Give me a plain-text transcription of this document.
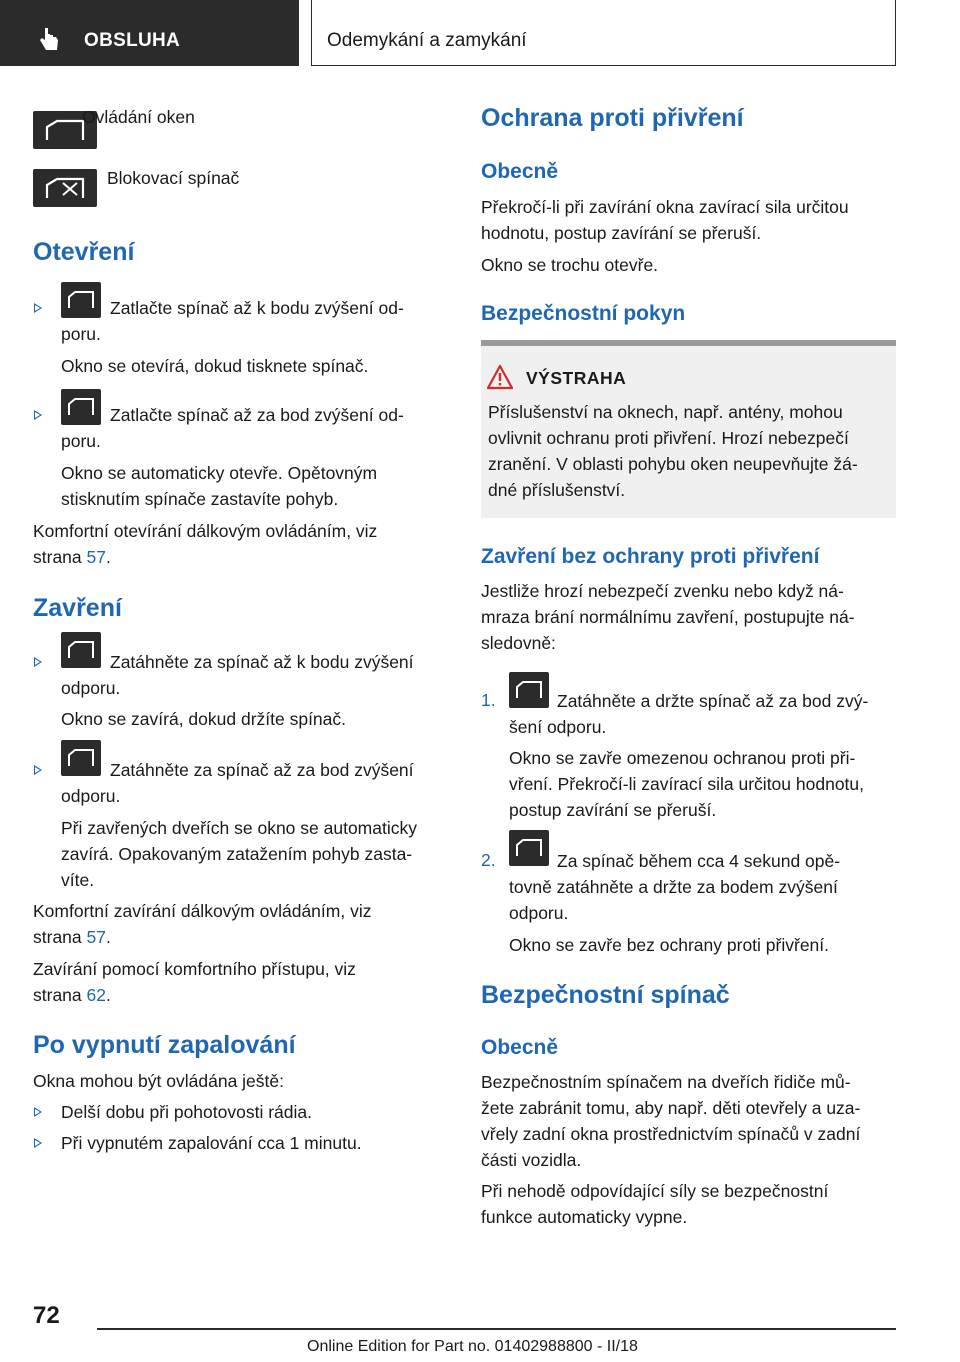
OBSLUHA	Odemykání a zamykání
Ovládání oken
Blokovací spínač
Otevření
Zatlačte spínač až k bodu zvýšení od-
poru.
Okno se otevírá, dokud tisknete spínač.
Zatlačte spínač až za bod zvýšení od-
poru.
Okno se automaticky otevře. Opětovným
stisknutím spínače zastavíte pohyb.
Komfortní otevírání dálkovým ovládáním, viz
strana 57.
Zavření
Zatáhněte za spínač až k bodu zvýšení
odporu.
Okno se zavírá, dokud držíte spínač.
Zatáhněte za spínač až za bod zvýšení
odporu.
Při zavřených dveřích se okno se automaticky
zavírá. Opakovaným zatažením pohyb zasta-
víte.
Komfortní zavírání dálkovým ovládáním, viz
strana 57.
Zavírání pomocí komfortního přístupu, viz
strana 62.
Po vypnutí zapalování
Okna mohou být ovládána ještě:
Delší dobu při pohotovosti rádia.
Při vypnutém zapalování cca 1 minutu.
Ochrana proti přivření
Obecně
Překročí-li při zavírání okna zavírací sila určitou
hodnotu, postup zavírání se přeruší.
Okno se trochu otevře.
Bezpečnostní pokyn
VÝSTRAHA
Příslušenství na oknech, např. antény, mohou
ovlivnit ochranu proti přivření. Hrozí nebezpečí
zranění. V oblasti pohybu oken neupevňujte žá-
dné příslušenství.
Zavření bez ochrany proti přivření
Jestliže hrozí nebezpečí zvenku nebo když ná-
mraza brání normálnímu zavření, postupujte ná-
sledovně:
1.	Zatáhněte a držte spínač až za bod zvý-
šení odporu.
Okno se zavře omezenou ochranou proti při-
vření. Překročí-li zavírací sila určitou hodnotu,
postup zavírání se přeruší.
2.	Za spínač během cca 4 sekund opě-
tovně zatáhněte a držte za bodem zvýšení
odporu.
Okno se zavře bez ochrany proti přivření.
Bezpečnostní spínač
Obecně
Bezpečnostním spínačem na dveřích řidiče mů-
žete zabránit tomu, aby např. děti otevřely a uza-
vřely zadní okna prostřednictvím spínačů v zadní
části vozidla.
Při nehodě odpovídající síly se bezpečnostní
funkce automaticky vypne.
72
Online Edition for Part no. 01402988800 - II/18
